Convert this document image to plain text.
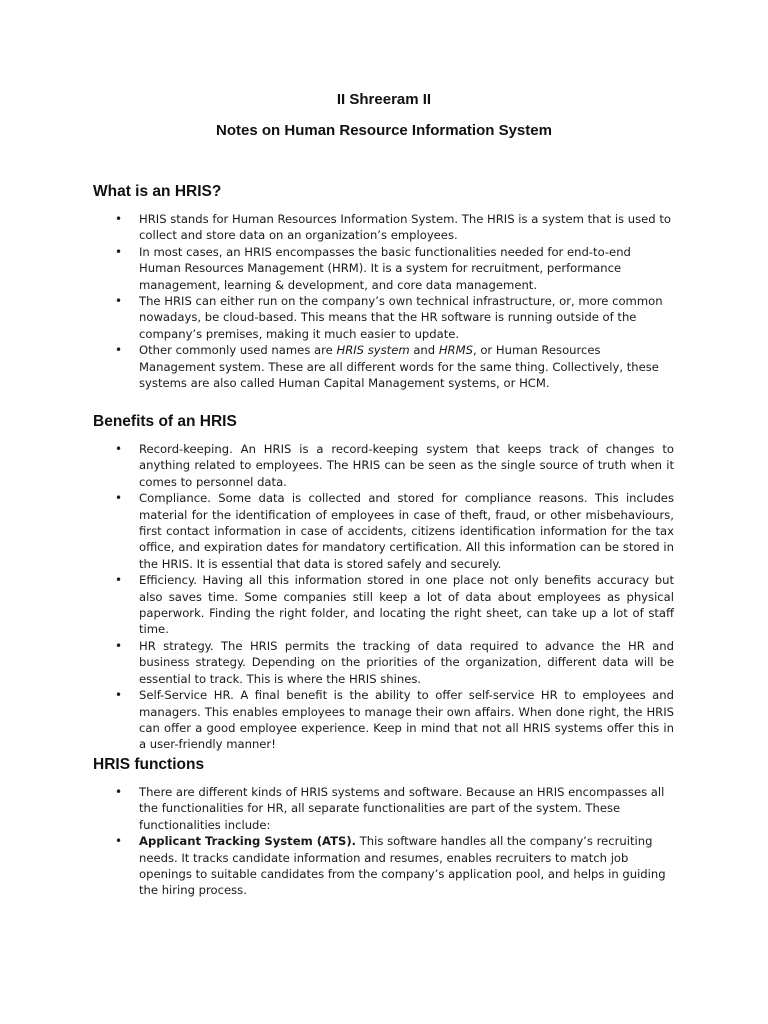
II Shreeram II
Notes on Human Resource Information System
What is an HRIS?
• HRIS stands for Human Resources Information System. The HRIS is a system that is used to collect and store data on an organization’s employees.
• In most cases, an HRIS encompasses the basic functionalities needed for end-to-end Human Resources Management (HRM). It is a system for recruitment, performance management, learning & development, and core data management.
• The HRIS can either run on the company’s own technical infrastructure, or, more common nowadays, be cloud-based. This means that the HR software is running outside of the company’s premises, making it much easier to update.
• Other commonly used names are HRIS system and HRMS, or Human Resources Management system. These are all different words for the same thing. Collectively, these systems are also called Human Capital Management systems, or HCM.
Benefits of an HRIS
• Record-keeping. An HRIS is a record-keeping system that keeps track of changes to anything related to employees. The HRIS can be seen as the single source of truth when it comes to personnel data.
• Compliance. Some data is collected and stored for compliance reasons. This includes material for the identification of employees in case of theft, fraud, or other misbehaviours, first contact information in case of accidents, citizens identification information for the tax office, and expiration dates for mandatory certification. All this information can be stored in the HRIS. It is essential that data is stored safely and securely.
• Efficiency. Having all this information stored in one place not only benefits accuracy but also saves time. Some companies still keep a lot of data about employees as physical paperwork. Finding the right folder, and locating the right sheet, can take up a lot of staff time.
• HR strategy. The HRIS permits the tracking of data required to advance the HR and business strategy. Depending on the priorities of the organization, different data will be essential to track. This is where the HRIS shines.
• Self-Service HR. A final benefit is the ability to offer self-service HR to employees and managers. This enables employees to manage their own affairs. When done right, the HRIS can offer a good employee experience. Keep in mind that not all HRIS systems offer this in a user-friendly manner!
HRIS functions
• There are different kinds of HRIS systems and software. Because an HRIS encompasses all the functionalities for HR, all separate functionalities are part of the system. These functionalities include:
• Applicant Tracking System (ATS). This software handles all the company’s recruiting needs. It tracks candidate information and resumes, enables recruiters to match job openings to suitable candidates from the company’s application pool, and helps in guiding the hiring process.
